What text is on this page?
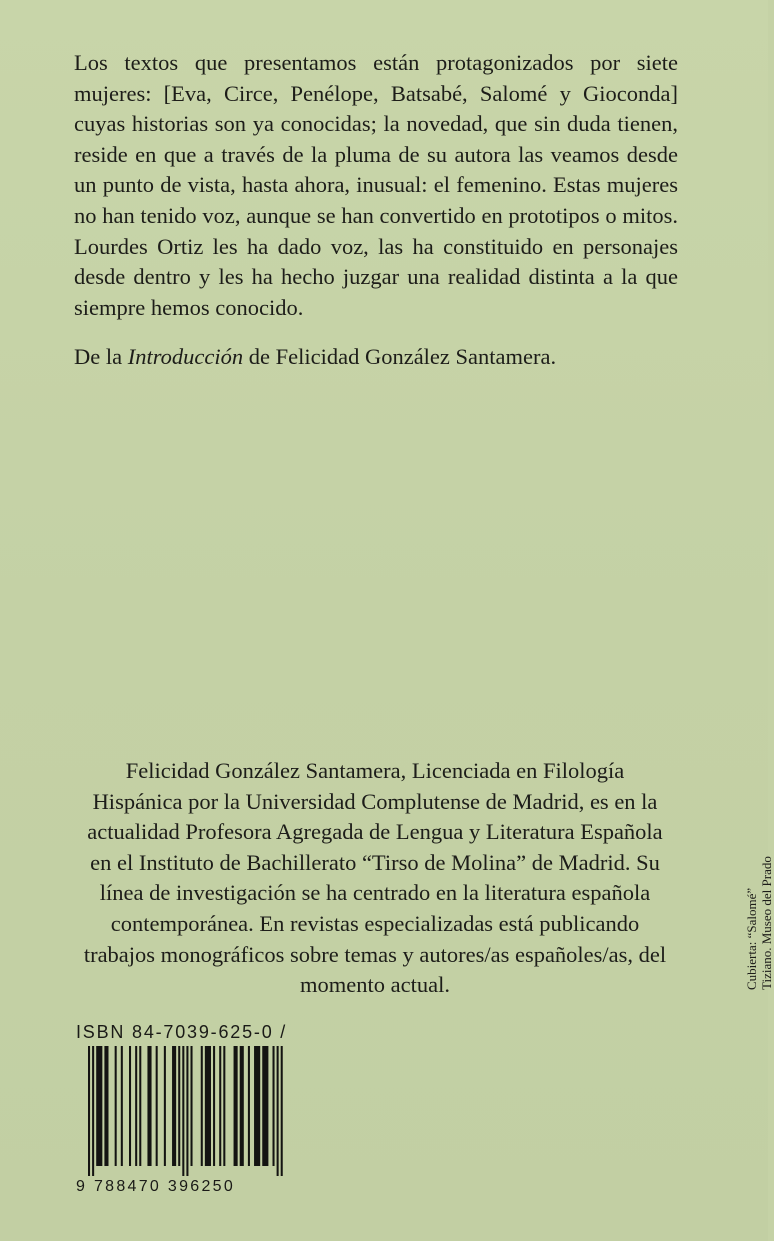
Los textos que presentamos están protagonizados por siete mujeres: [Eva, Circe, Penélope, Batsabé, Salomé y Gioconda] cuyas historias son ya conocidas; la novedad, que sin duda tienen, reside en que a través de la pluma de su autora las veamos desde un punto de vista, hasta ahora, inusual: el femenino. Estas mujeres no han tenido voz, aunque se han convertido en prototipos o mitos. Lourdes Ortiz les ha dado voz, las ha constituido en personajes desde dentro y les ha hecho juzgar una realidad distinta a la que siempre hemos conocido.

De la Introducción de Felicidad González Santamera.
Felicidad González Santamera, Licenciada en Filología Hispánica por la Universidad Complutense de Madrid, es en la actualidad Profesora Agregada de Lengua y Literatura Española en el Instituto de Bachillerato “Tirso de Molina” de Madrid. Su línea de investigación se ha centrado en la literatura española contemporánea. En revistas especializadas está publicando trabajos monográficos sobre temas y autores/as españoles/as, del momento actual.	Cubierta: “Salomé” Tiziano. Museo del Prado
ISBN 84-7039-625-0 /
9 788470 396250
